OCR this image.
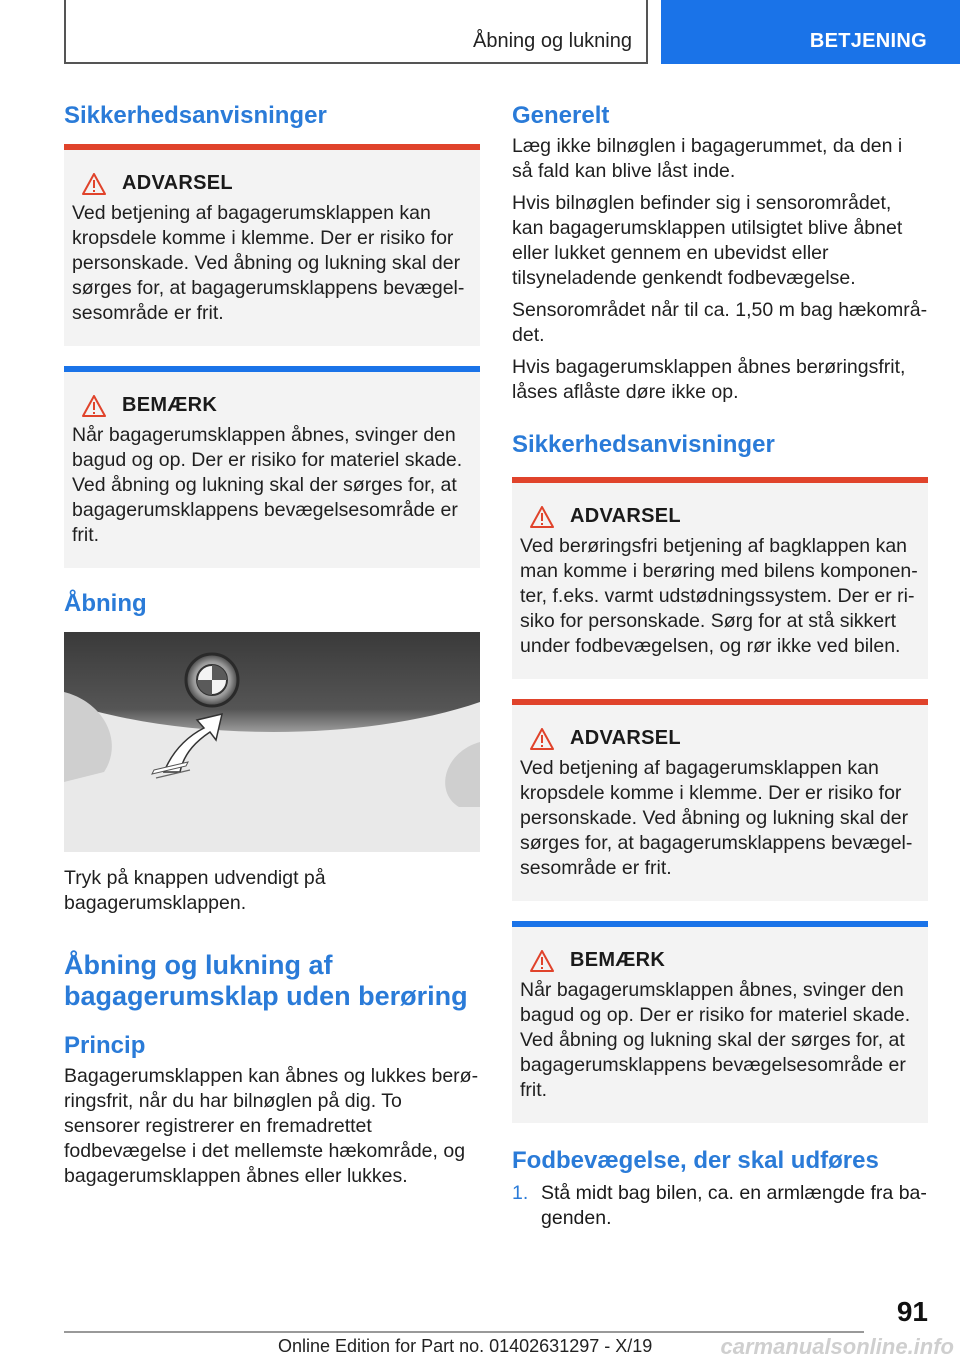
Åbning og lukning	BETJENING
Sikkerhedsanvisninger
ADVARSEL

Ved betjening af bagagerumsklappen kan kropsdele komme i klemme. Der er risiko for personskade. Ved åbning og lukning skal der sørges for, at bagagerumsklappens bevægelsesområde er frit.

BEMÆRK

Når bagagerumsklappen åbnes, svinger den bagud og op. Der er risiko for materiel skade. Ved åbning og lukning skal der sørges for, at bagagerumsklappens bevægelsesområde er frit.

Åbning

Tryk på knappen udvendigt på bagagerumsklappen.

Åbning og lukning af bagagerumsklap uden berøring
Princip

Bagagerumsklappen kan åbnes og lukkes berøringsfrit, når du har bilnøglen på dig. To sensorer registrerer en fremadrettet fodbevægelse i det mellemste hækområde, og bagagerumsklappen åbnes eller lukkes.

Generelt

Læg ikke bilnøglen i bagagerummet, da den i så fald kan blive låst inde.

Hvis bilnøglen befinder sig i sensorområdet, kan bagagerumsklappen utilsigtet blive åbnet eller lukket gennem en ubevidst eller tilsyneladende genkendt fodbevægelse.

Sensorområdet når til ca. 1,50 m bag hækområdet.

Hvis bagagerumsklappen åbnes berøringsfrit, låses aflåste døre ikke op.

Sikkerhedsanvisninger
ADVARSEL

Ved berøringsfri betjening af bagklappen kan man komme i berøring med bilens komponenter, f.eks. varmt udstødningssystem. Der er risiko for personskade. Sørg for at stå sikkert under fodbevægelsen, og rør ikke ved bilen.

ADVARSEL

Ved betjening af bagagerumsklappen kan kropsdele komme i klemme. Der er risiko for personskade. Ved åbning og lukning skal der sørges for, at bagagerumsklappens bevægelsesområde er frit.

BEMÆRK

Når bagagerumsklappen åbnes, svinger den bagud og op. Der er risiko for materiel skade. Ved åbning og lukning skal der sørges for, at bagagerumsklappens bevægelsesområde er frit.

Fodbevægelse, der skal udføres
1. Stå midt bag bilen, ca. en armlængde fra bagenden.
91
Online Edition for Part no. 01402631297 - X/19	carmanualsonline.info
